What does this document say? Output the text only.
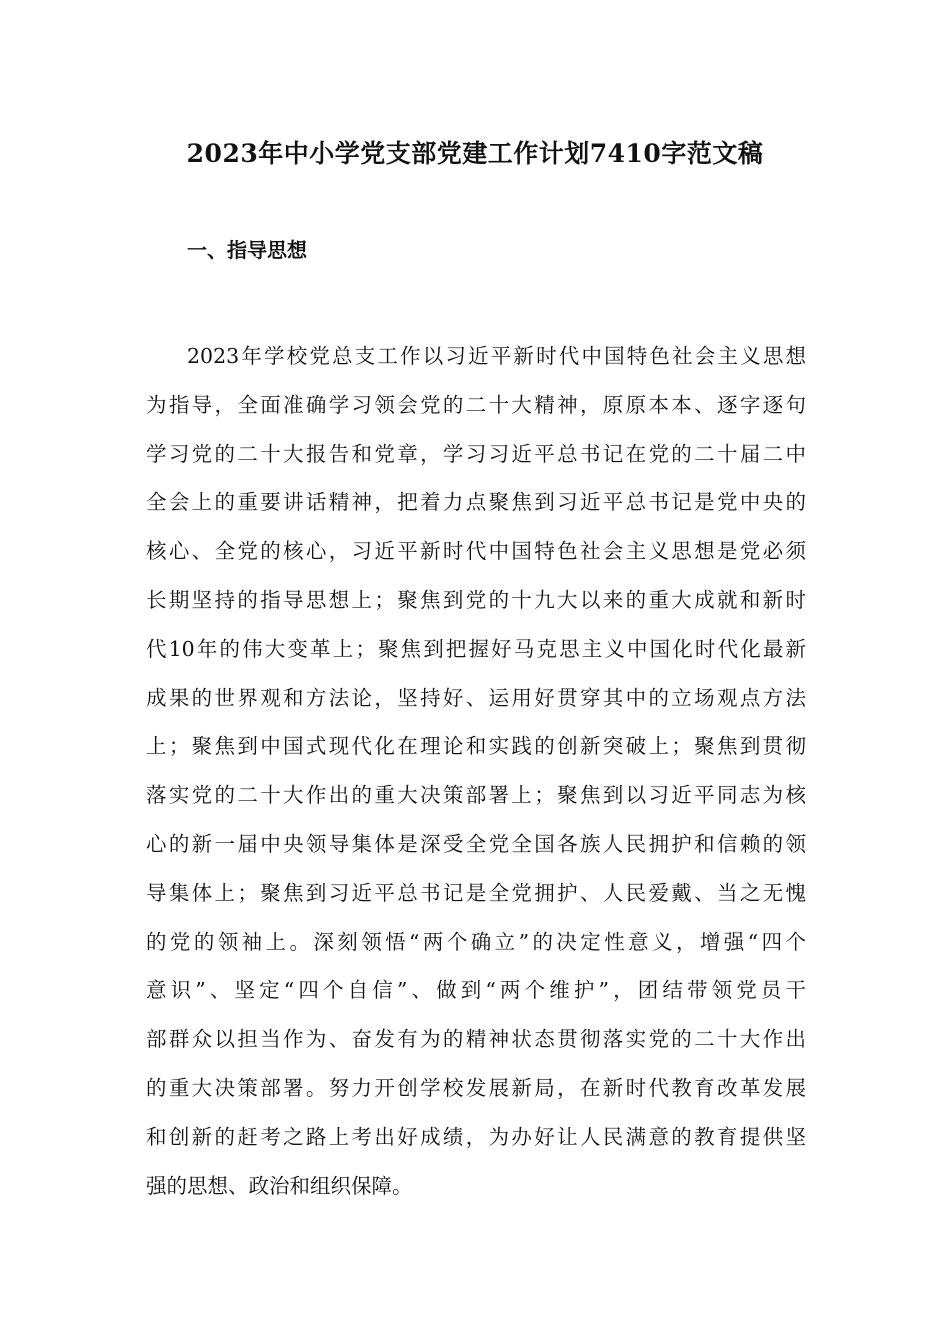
2023年中小学党支部党建工作计划7410字范文稿
一、指导思想
2023年学校党总支工作以习近平新时代中国特色社会主义思想
为指导，全面准确学习领会党的二十大精神，原原本本、逐字逐句
学习党的二十大报告和党章，学习习近平总书记在党的二十届二中
全会上的重要讲话精神，把着力点聚焦到习近平总书记是党中央的
核心、全党的核心，习近平新时代中国特色社会主义思想是党必须
长期坚持的指导思想上；聚焦到党的十九大以来的重大成就和新时
代10年的伟大变革上；聚焦到把握好马克思主义中国化时代化最新
成果的世界观和方法论，坚持好、运用好贯穿其中的立场观点方法
上；聚焦到中国式现代化在理论和实践的创新突破上；聚焦到贯彻
落实党的二十大作出的重大决策部署上；聚焦到以习近平同志为核
心的新一届中央领导集体是深受全党全国各族人民拥护和信赖的领
导集体上；聚焦到习近平总书记是全党拥护、人民爱戴、当之无愧
的党的领袖上。深刻领悟“两个确立”的决定性意义，增强“四个
意识”、坚定“四个自信”、做到“两个维护”，团结带领党员干
部群众以担当作为、奋发有为的精神状态贯彻落实党的二十大作出
的重大决策部署。努力开创学校发展新局，在新时代教育改革发展
和创新的赶考之路上考出好成绩，为办好让人民满意的教育提供坚
强的思想、政治和组织保障。
